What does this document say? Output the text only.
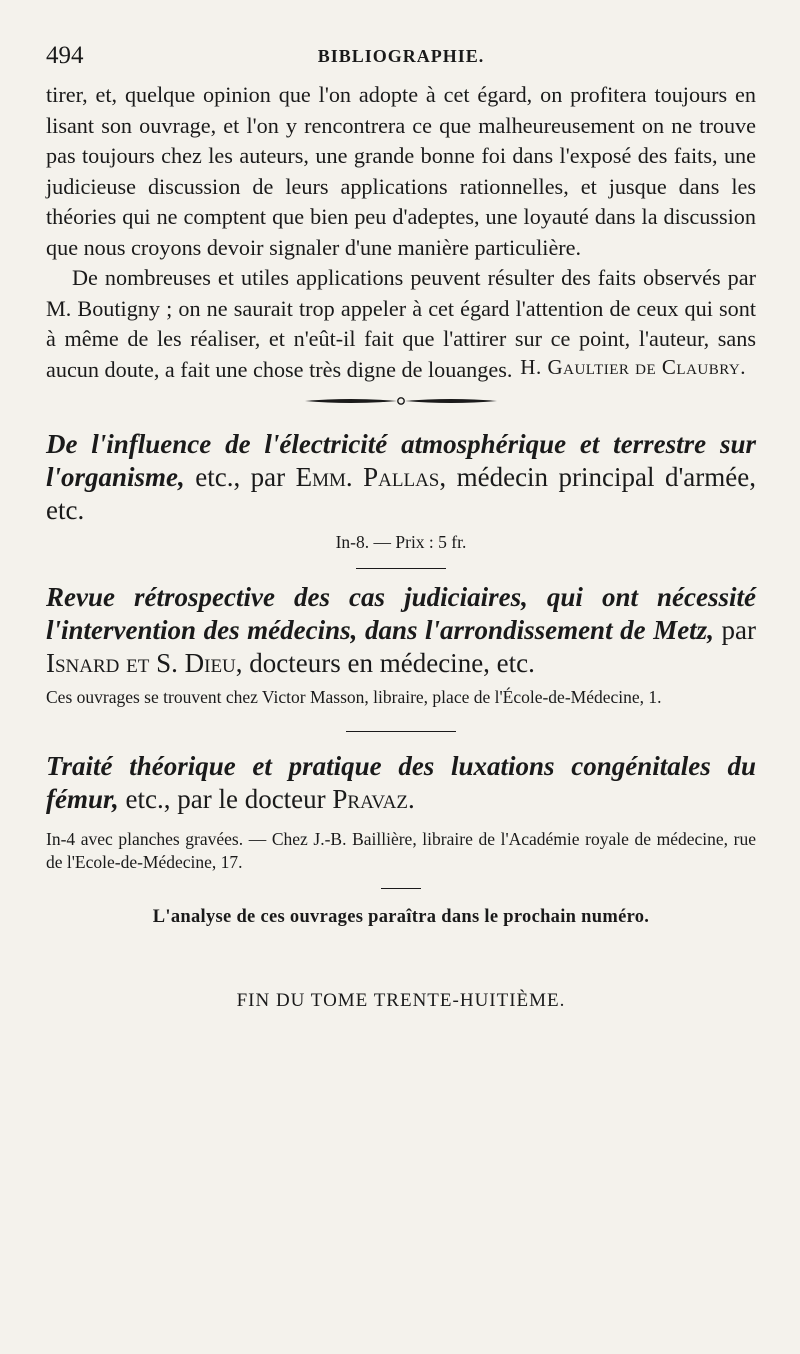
494	BIBLIOGRAPHIE.

tirer, et, quelque opinion que l'on adopte à cet égard, on profitera toujours en lisant son ouvrage, et l'on y rencontrera ce que malheureusement on ne trouve pas toujours chez les auteurs, une grande bonne foi dans l'exposé des faits, une judicieuse discussion de leurs applications rationnelles, et jusque dans les théories qui ne comptent que bien peu d'adeptes, une loyauté dans la discussion que nous croyons devoir signaler d'une manière particulière.

De nombreuses et utiles applications peuvent résulter des faits observés par M. Boutigny ; on ne saurait trop appeler à cet égard l'attention de ceux qui sont à même de les réaliser, et n'eût-il fait que l'attirer sur ce point, l'auteur, sans aucun doute, a fait une chose très digne de louanges. H. Gaultier de Claubry.

De l'influence de l'électricité atmosphérique et terrestre sur l'organisme, etc., par Emm. Pallas, médecin principal d'armée, etc.

In-8. — Prix : 5 fr.

Revue rétrospective des cas judiciaires, qui ont nécessité l'intervention des médecins, dans l'arrondissement de Metz, par Isnard et S. Dieu, docteurs en médecine, etc.

Ces ouvrages se trouvent chez Victor Masson, libraire, place de l'École-de-Médecine, 1.

Traité théorique et pratique des luxations congénitales du fémur, etc., par le docteur Pravaz.

In-4 avec planches gravées. — Chez J.-B. Baillière, libraire de l'Académie royale de médecine, rue de l'Ecole-de-Médecine, 17.

L'analyse de ces ouvrages paraîtra dans le prochain numéro.
FIN DU TOME TRENTE-HUITIÈME.
